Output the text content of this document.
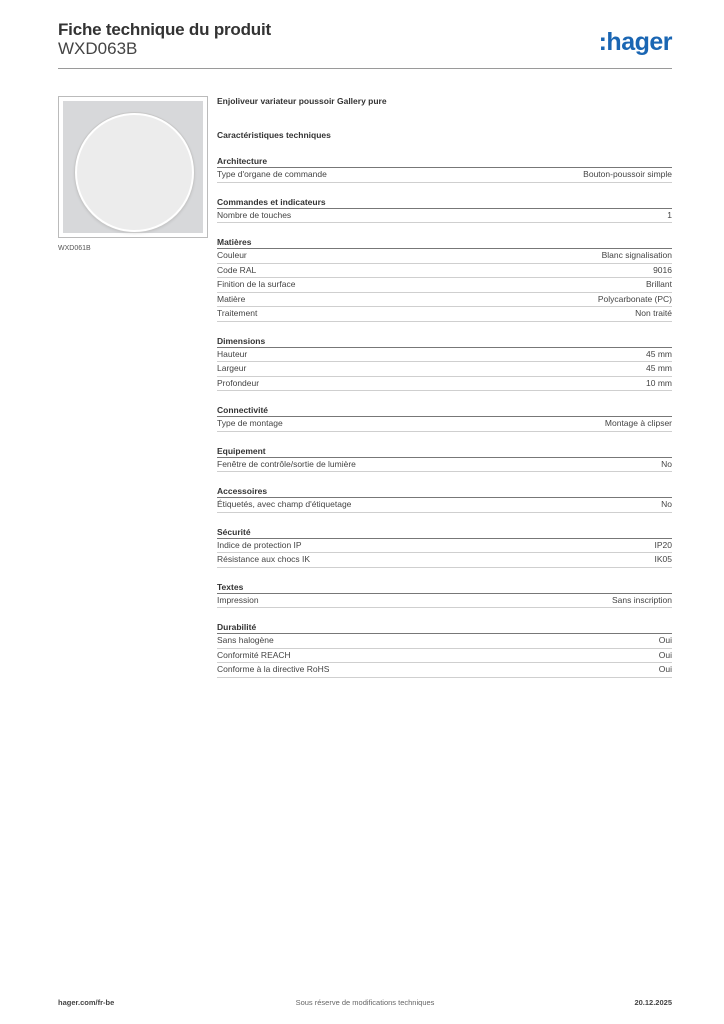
Fiche technique du produit
WXD063B	:hager
WXD061B
Enjoliveur variateur poussoir Gallery pure
Caractéristiques techniques
Architecture
Type d'organe de commande	Bouton-poussoir simple
Commandes et indicateurs
Nombre de touches	1
Matières
Couleur	Blanc signalisation
Code RAL	9016
Finition de la surface	Brillant
Matière	Polycarbonate (PC)
Traitement	Non traité
Dimensions
Hauteur	45 mm
Largeur	45 mm
Profondeur	10 mm
Connectivité
Type de montage	Montage à clipser
Equipement
Fenêtre de contrôle/sortie de lumière	No
Accessoires
Étiquetés, avec champ d'étiquetage	No
Sécurité
Indice de protection IP	IP20
Résistance aux chocs IK	IK05
Textes
Impression	Sans inscription
Durabilité
Sans halogène	Oui
Conformité REACH	Oui
Conforme à la directive RoHS	Oui
hager.com/fr-be	Sous réserve de modifications techniques	20.12.2025
